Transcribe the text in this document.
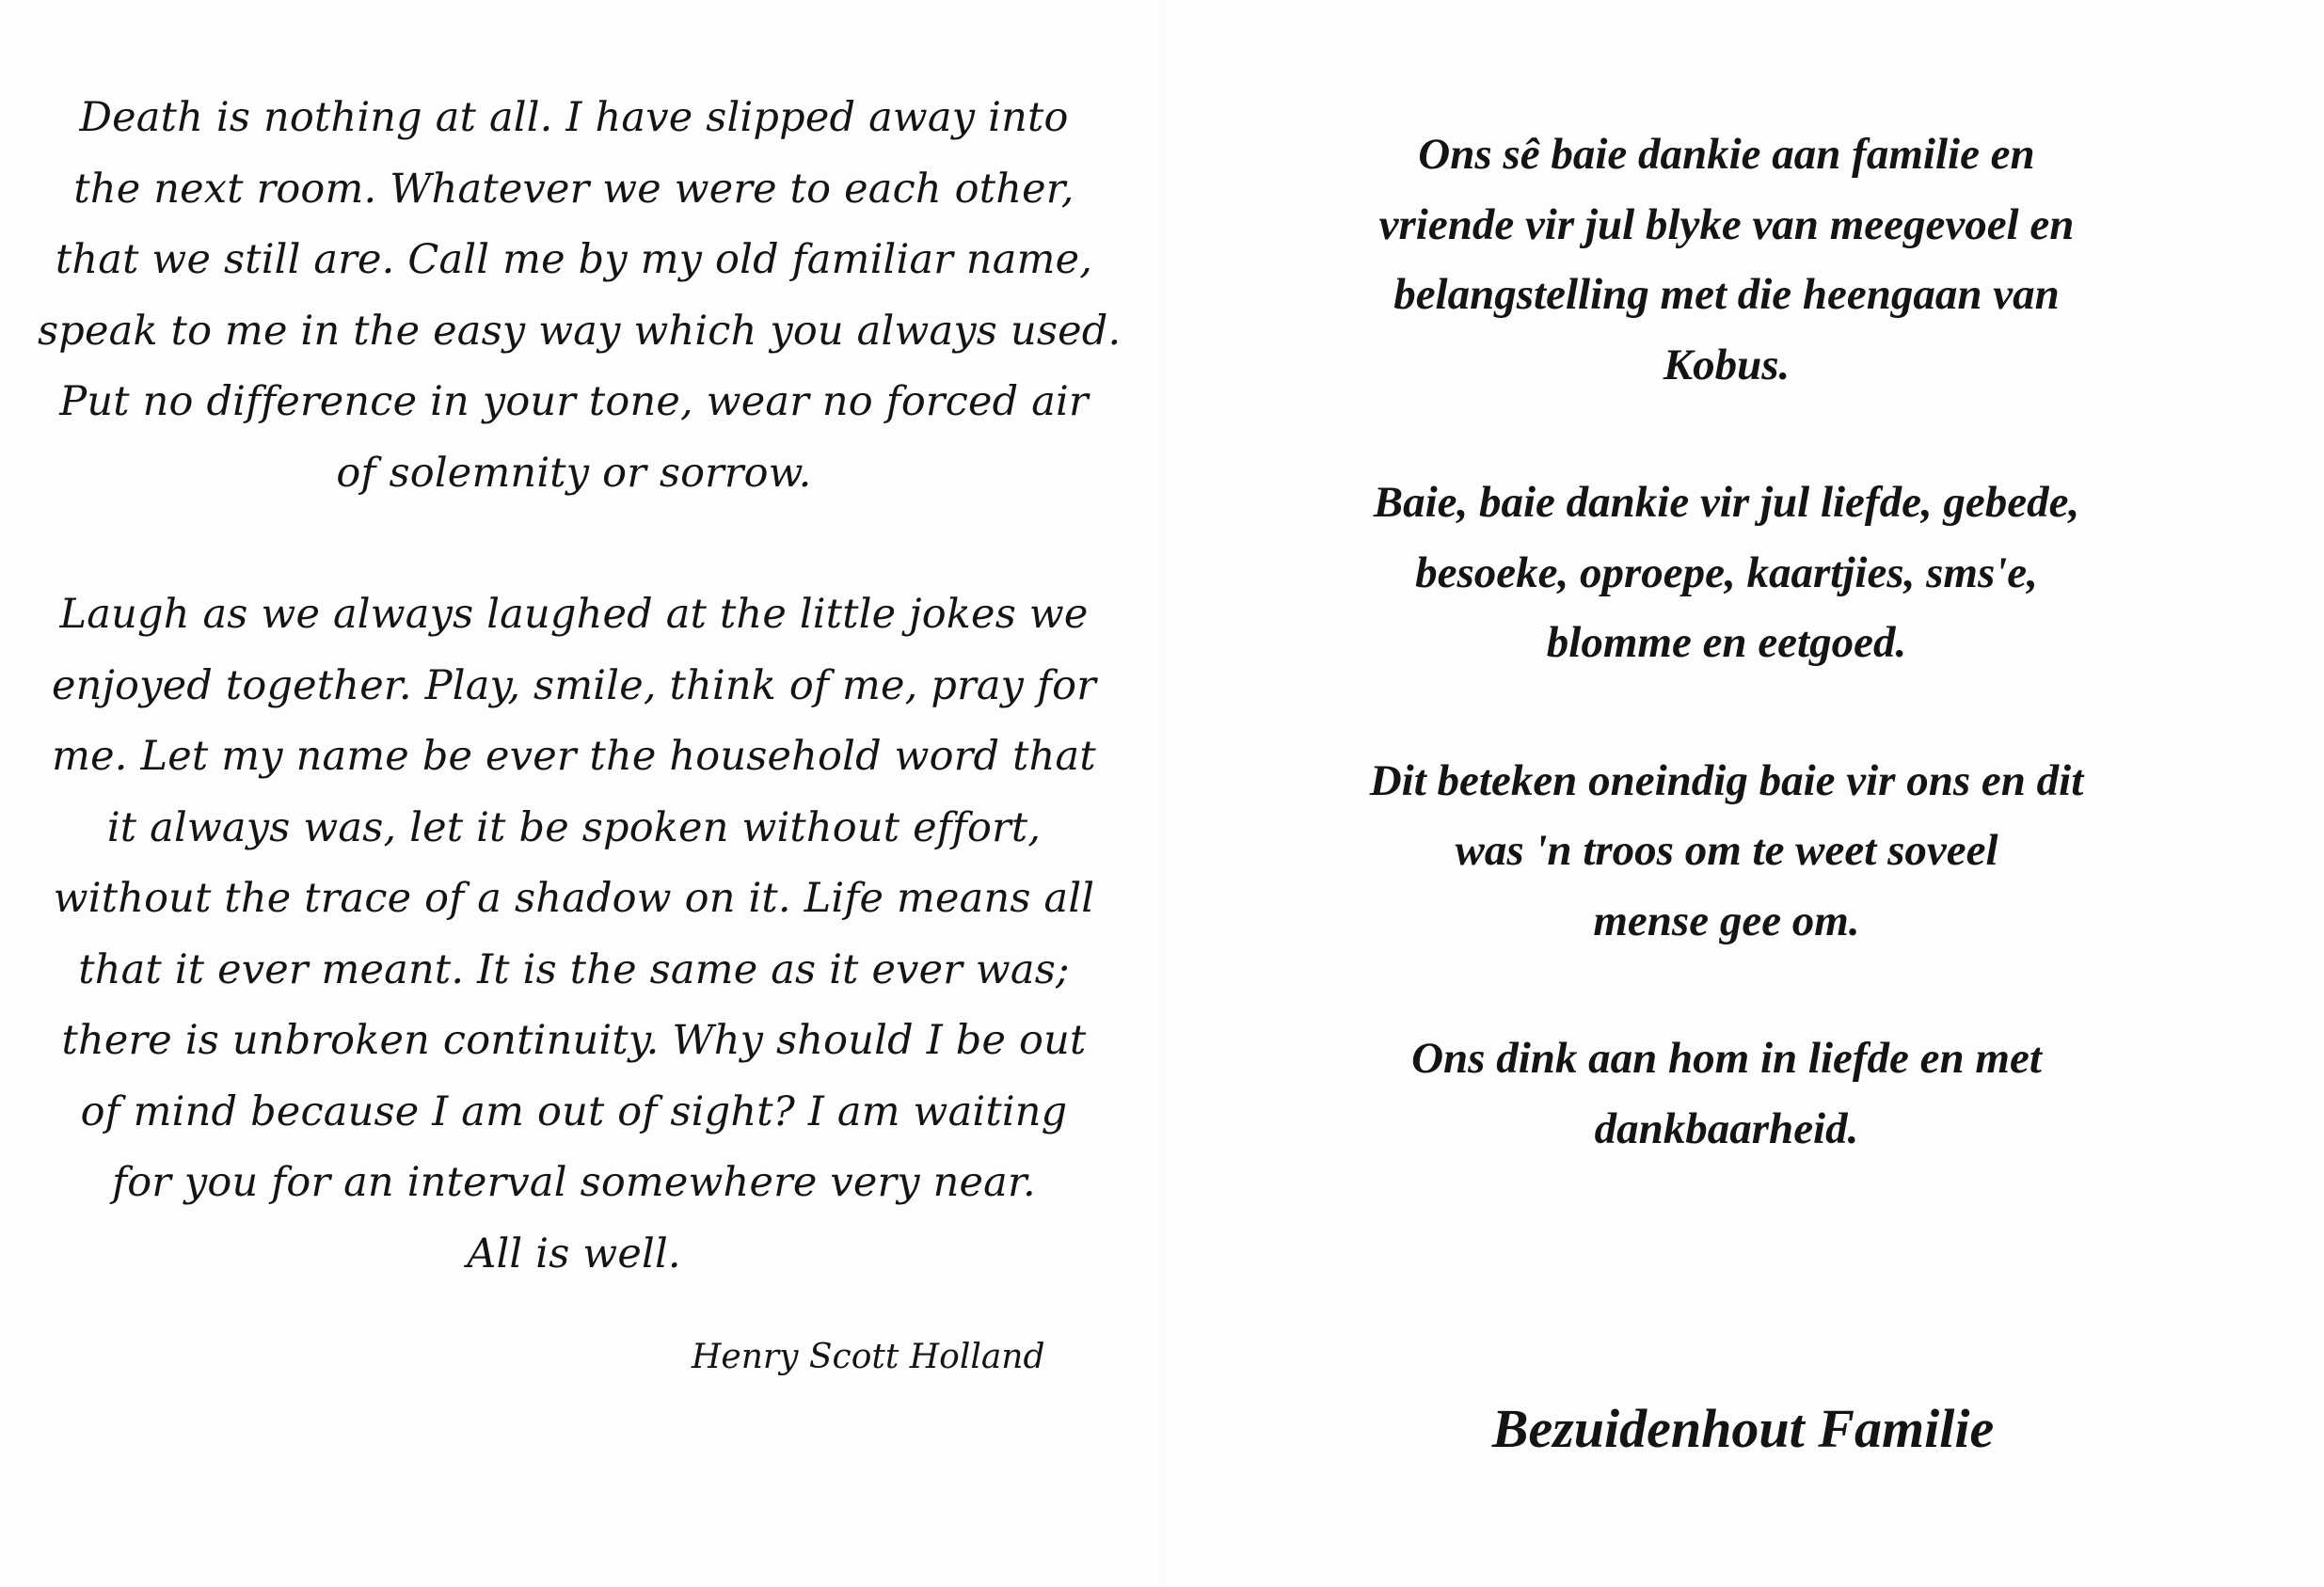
Death is nothing at all. I have slipped away into
the next room. Whatever we were to each other,
that we still are. Call me by my old familiar name,
speak to me in the easy way which you always used.
Put no difference in your tone, wear no forced air
of solemnity or sorrow.
Laugh as we always laughed at the little jokes we
enjoyed together. Play, smile, think of me, pray for
me. Let my name be ever the household word that
it always was, let it be spoken without effort,
without the trace of a shadow on it. Life means all
that it ever meant. It is the same as it ever was;
there is unbroken continuity. Why should I be out
of mind because I am out of sight? I am waiting
for you for an interval somewhere very near.
All is well.
Henry Scott Holland
Ons sê baie dankie aan familie en
vriende vir jul blyke van meegevoel en
belangstelling met die heengaan van
Kobus.
Baie, baie dankie vir jul liefde, gebede,
besoeke, oproepe, kaartjies, sms'e,
blomme en eetgoed.
Dit beteken oneindig baie vir ons en dit
was 'n troos om te weet soveel
mense gee om.
Ons dink aan hom in liefde en met
dankbaarheid.
Bezuidenhout Familie
